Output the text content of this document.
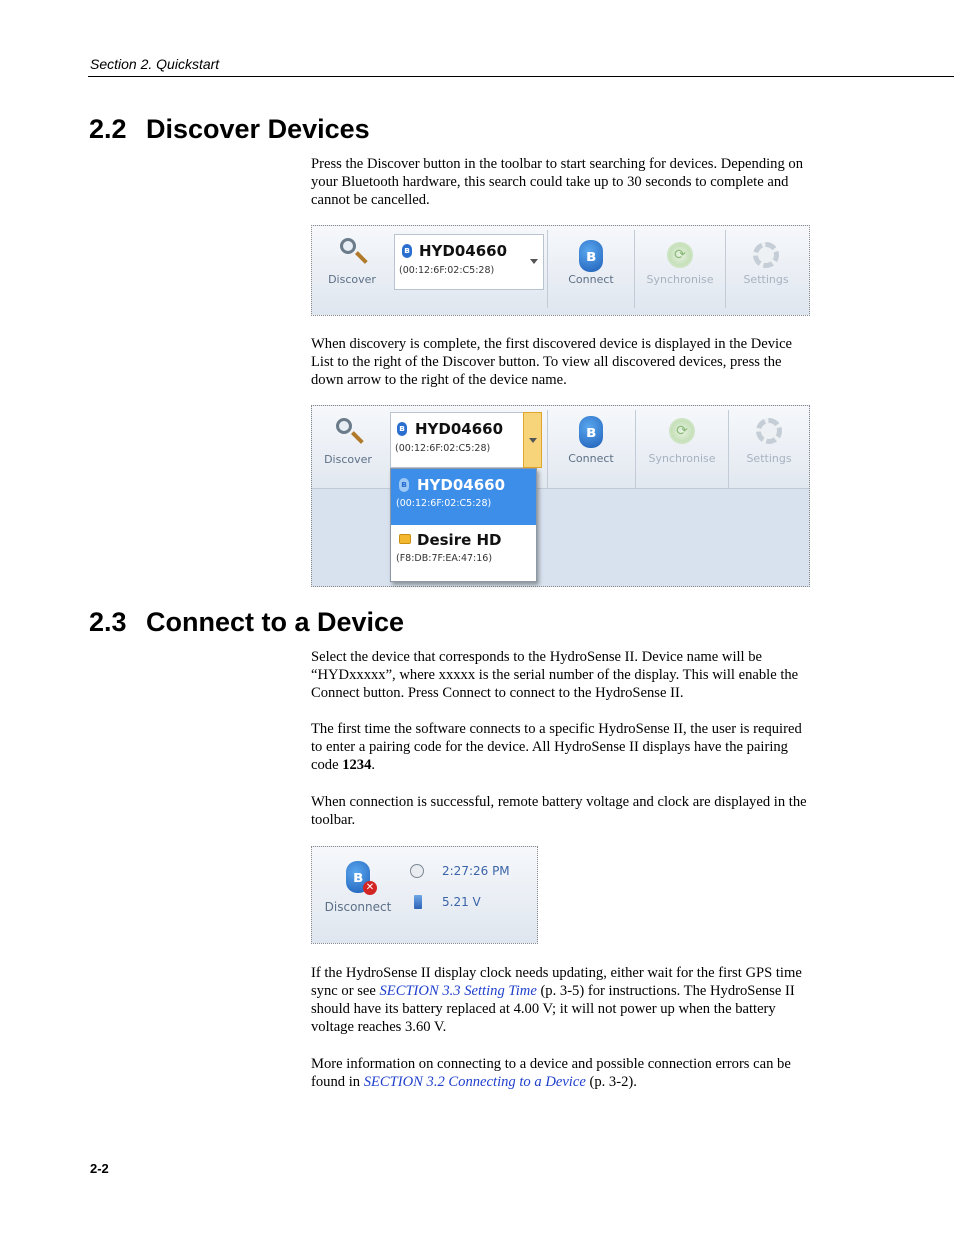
Section 2. Quickstart
2.2 Discover Devices

Press the Discover button in the toolbar to start searching for devices. Depending on your Bluetooth hardware, this search could take up to 30 seconds to complete and cannot be cancelled.

Discover
ʙ HYD04660
(00:12:6F:02:C5:28)
ʙ
Connect
⟳
Synchronise	Settings

When discovery is complete, the first discovered device is displayed in the Device List to the right of the Discover button. To view all discovered devices, press the down arrow to the right of the device name.

Discover
ʙ HYD04660
(00:12:6F:02:C5:28)
ʙ
Connect
⟳
Synchronise	Settings
ʙ HYD04660
(00:12:6F:02:C5:28)
Desire HD
(F8:DB:7F:EA:47:16)
2.3 Connect to a Device

Select the device that corresponds to the HydroSense II. Device name will be “HYDxxxxx”, where xxxxx is the serial number of the display. This will enable the Connect button. Press Connect to connect to the HydroSense II.

The first time the software connects to a specific HydroSense II, the user is required to enter a pairing code for the device. All HydroSense II displays have the pairing code 1234.

When connection is successful, remote battery voltage and clock are displayed in the toolbar.

ʙ
✕
Disconnect
2:27:26 PM
5.21 V

If the HydroSense II display clock needs updating, either wait for the first GPS time sync or see SECTION 3.3 Setting Time (p. 3-5) for instructions. The HydroSense II should have its battery replaced at 4.00 V; it will not power up when the battery voltage reaches 3.60 V.

More information on connecting to a device and possible connection errors can be found in SECTION 3.2 Connecting to a Device (p. 3-2).

2-2
